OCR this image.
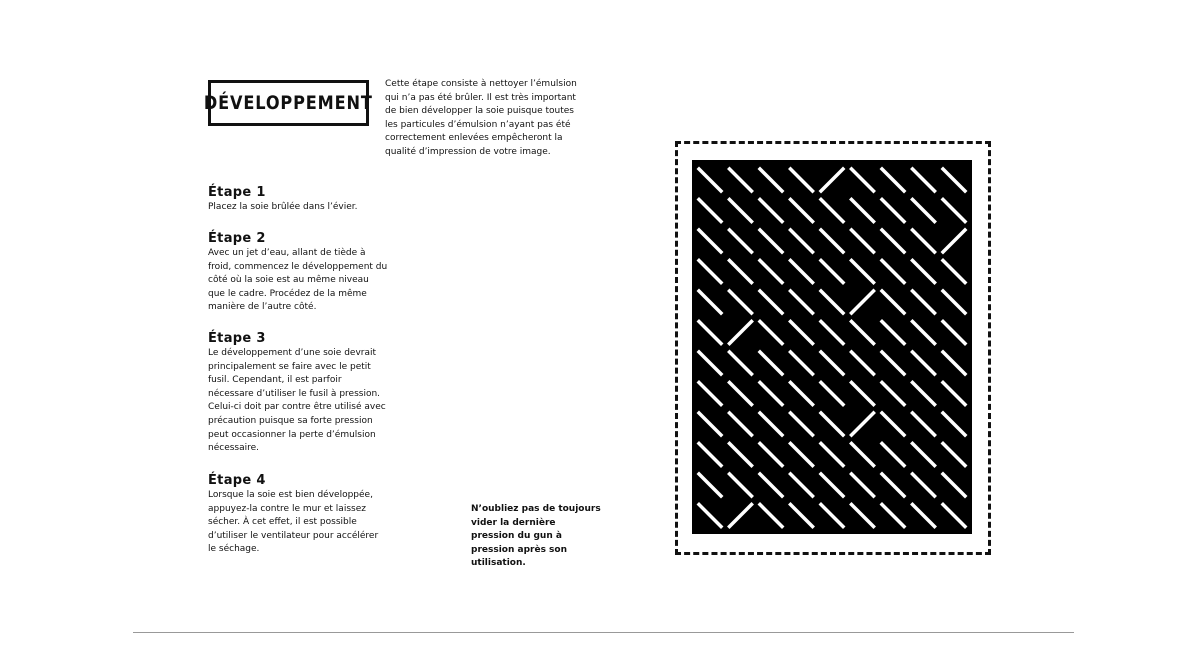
DÉVELOPPEMENT
Cette étape consiste à nettoyer l’émulsion qui n’a pas été brûler. Il est très important de bien développer la soie puisque toutes les particules d’émulsion n’ayant pas été correctement enlevées empêcheront la qualité d’impression de votre image.
Étape 1

Placez la soie brûlée dans l’évier.

Étape 2

Avec un jet d’eau, allant de tiède à froid, commencez le développement du côté où la soie est au même niveau que le cadre. Procédez de la même manière de l’autre côté.

Étape 3

Le développement d’une soie devrait principalement se faire avec le petit fusil. Cependant, il est parfoir nécessare d’utiliser le fusil à pression. Celui-ci doit par contre être utilisé avec précaution puisque sa forte pression peut occasionner la perte d’émulsion nécessaire.

Étape 4

Lorsque la soie est bien développée, appuyez-la contre le mur et laissez sécher. À cet effet, il est possible d’utiliser le ventilateur pour accélérer le séchage.

N’oubliez pas de toujours vider la dernière pression du gun à pression après son utilisation.
